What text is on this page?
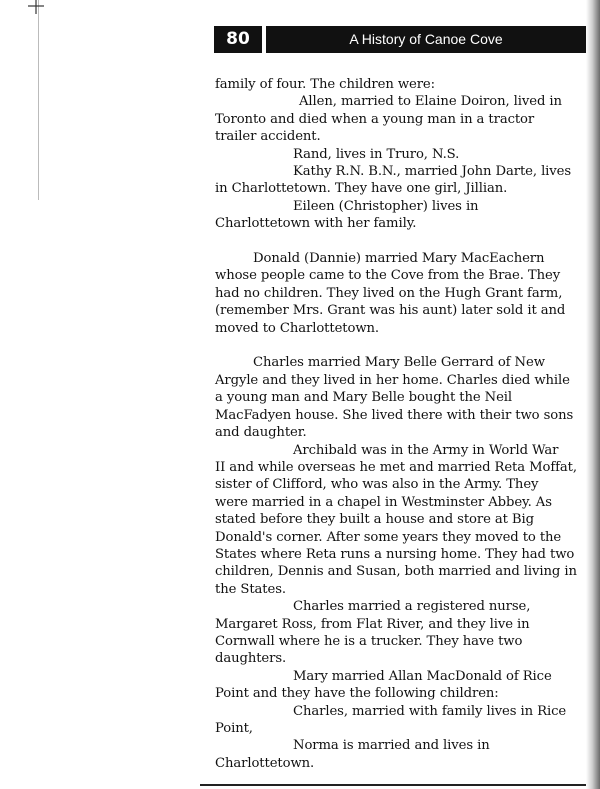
80	A History of Canoe Cove

family of four. The children were:

Allen, married to Elaine Doiron, lived in

Toronto and died when a young man in a tractor

trailer accident.

Rand, lives in Truro, N.S.

Kathy R.N. B.N., married John Darte, lives

in Charlottetown. They have one girl, Jillian.

Eileen (Christopher) lives in

Charlottetown with her family.

Donald (Dannie) married Mary MacEachern

whose people came to the Cove from the Brae. They

had no children. They lived on the Hugh Grant farm,

(remember Mrs. Grant was his aunt) later sold it and

moved to Charlottetown.

Charles married Mary Belle Gerrard of New

Argyle and they lived in her home. Charles died while

a young man and Mary Belle bought the Neil

MacFadyen house. She lived there with their two sons

and daughter.

Archibald was in the Army in World War

II and while overseas he met and married Reta Moffat,

sister of Clifford, who was also in the Army. They

were married in a chapel in Westminster Abbey. As

stated before they built a house and store at Big

Donald's corner. After some years they moved to the

States where Reta runs a nursing home. They had two

children, Dennis and Susan, both married and living in

the States.

Charles married a registered nurse,

Margaret Ross, from Flat River, and they live in

Cornwall where he is a trucker. They have two

daughters.

Mary married Allan MacDonald of Rice

Point and they have the following children:

Charles, married with family lives in Rice

Point,

Norma is married and lives in

Charlottetown.
